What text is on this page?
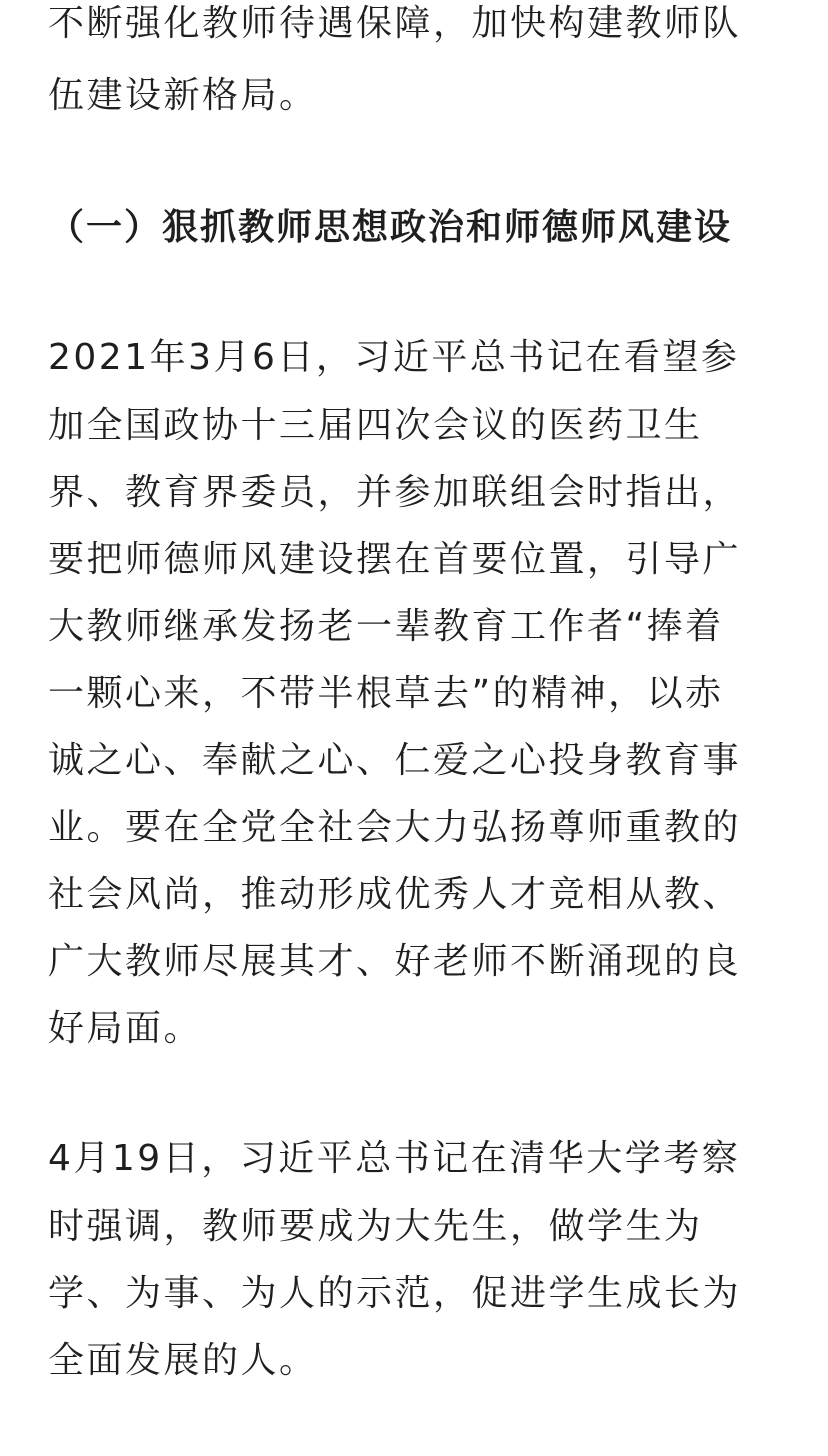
不断强化教师待遇保障，加快构建教师队
伍建设新格局。
（一）狠抓教师思想政治和师德师风建设
2021年3月6日，习近平总书记在看望参
加全国政协十三届四次会议的医药卫生
界、教育界委员，并参加联组会时指出，
要把师德师风建设摆在首要位置，引导广
大教师继承发扬老一辈教育工作者“捧着
一颗心来，不带半根草去”的精神，以赤
诚之心、奉献之心、仁爱之心投身教育事
业。要在全党全社会大力弘扬尊师重教的
社会风尚，推动形成优秀人才竞相从教、
广大教师尽展其才、好老师不断涌现的良
好局面。
4月19日，习近平总书记在清华大学考察
时强调，教师要成为大先生，做学生为
学、为事、为人的示范，促进学生成长为
全面发展的人。
